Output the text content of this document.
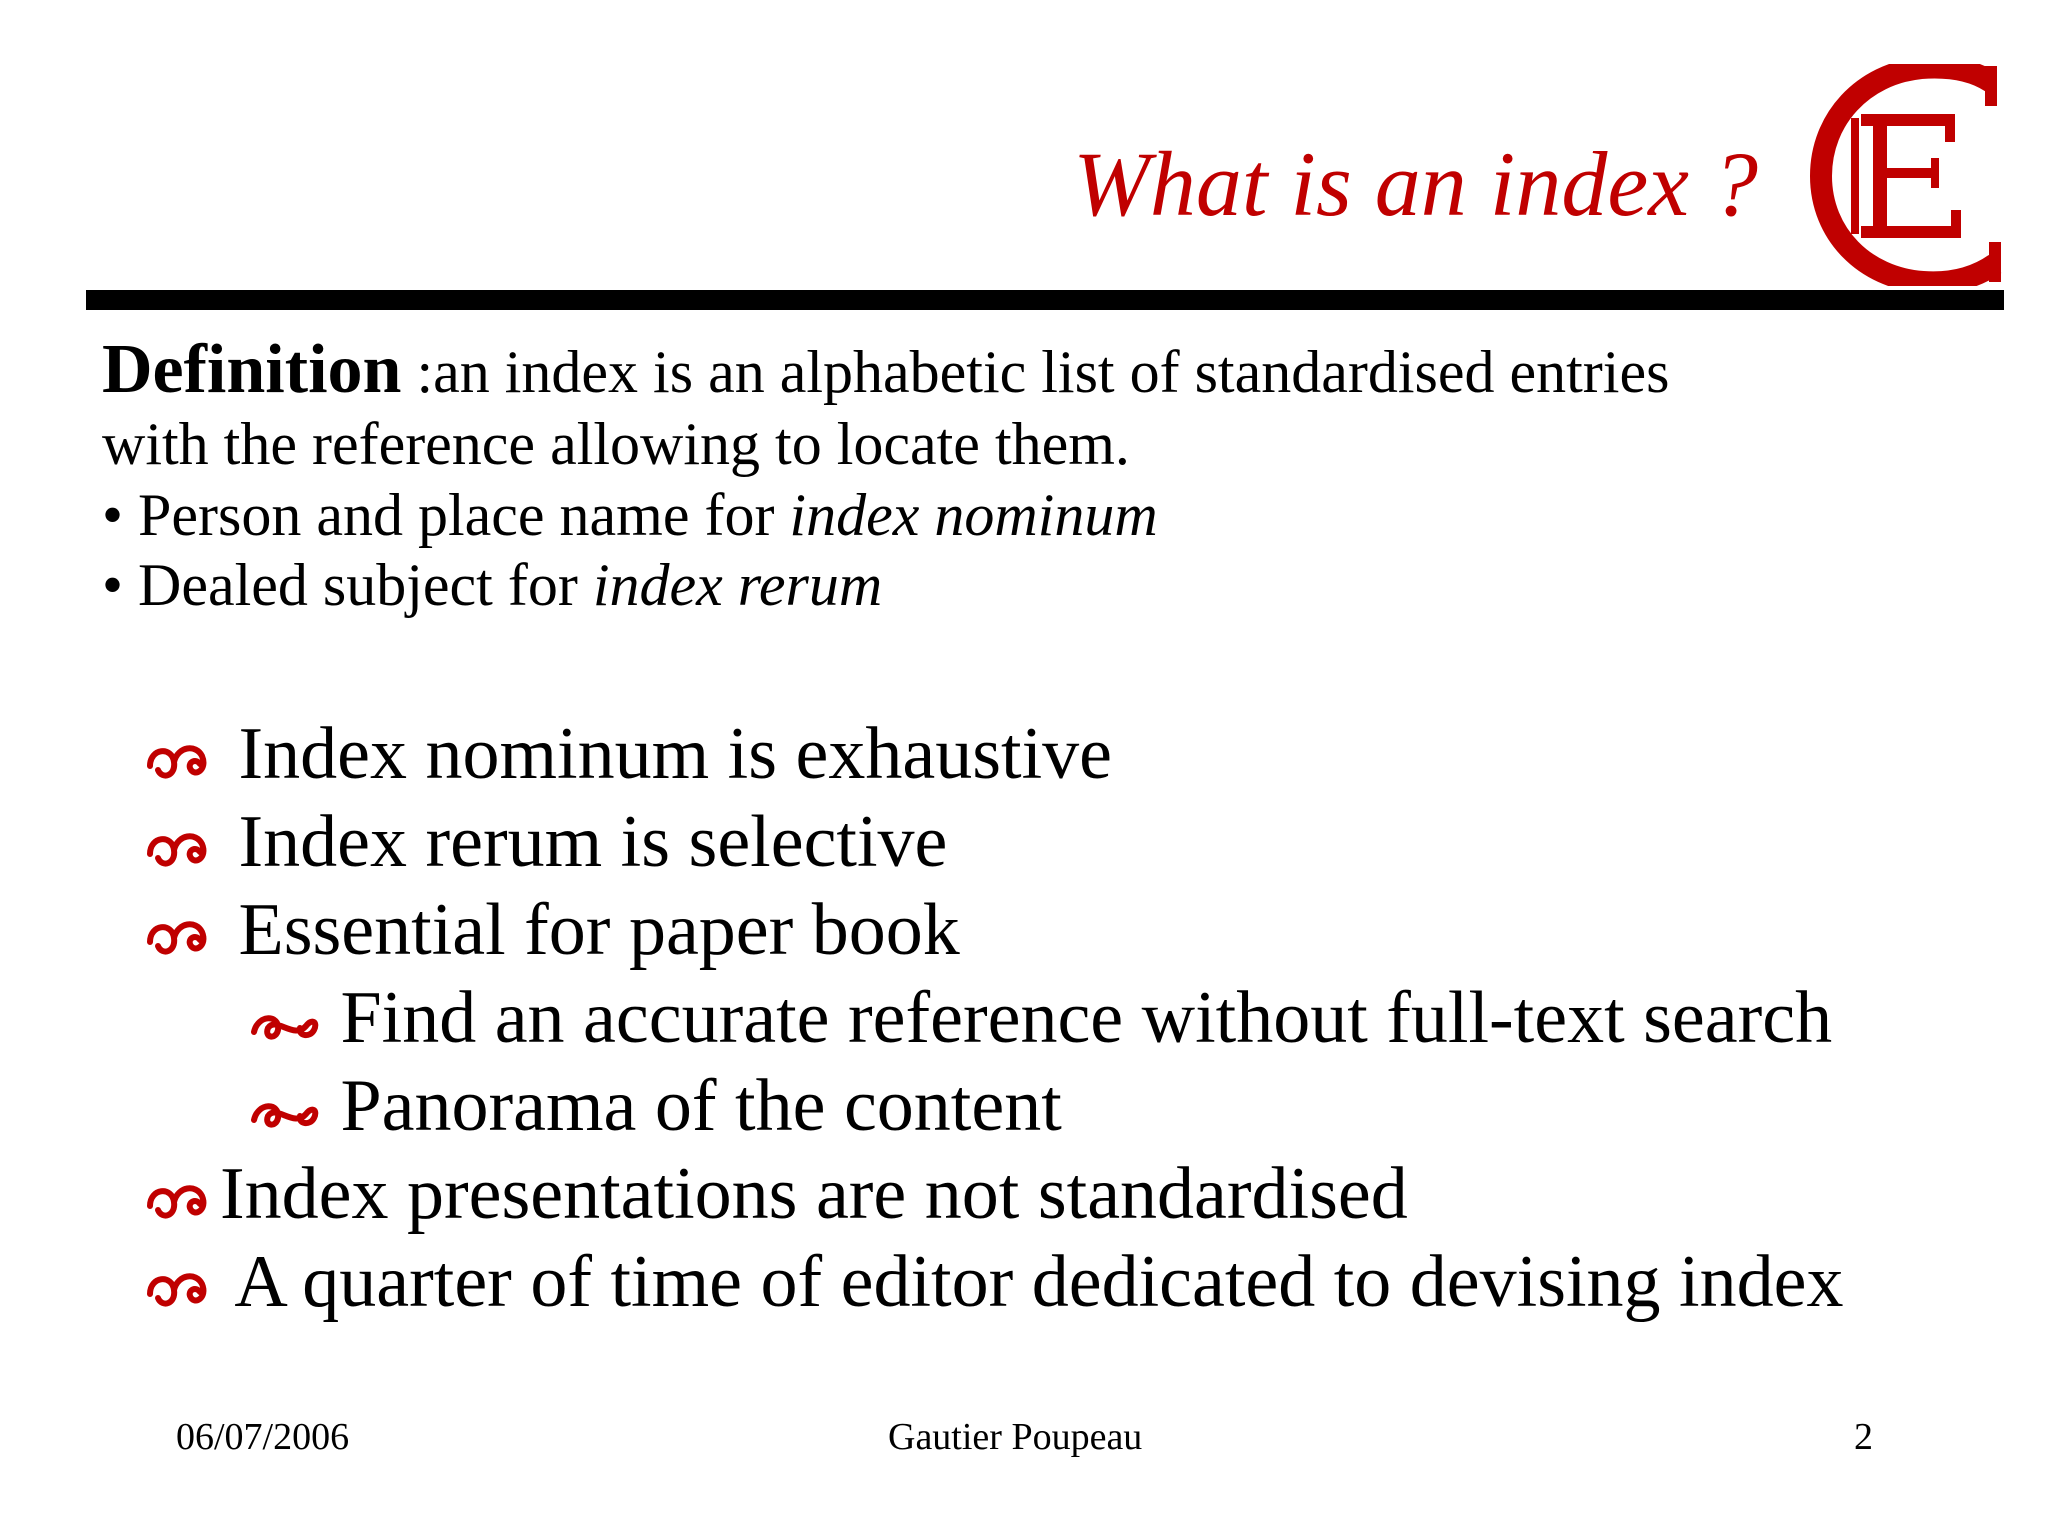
What is an index ?
Definition :an index is an alphabetic list of standardised entries
with the reference allowing to locate them.
• Person and place name for index nominum
• Dealed subject for index rerum
Index nominum is exhaustive
Index rerum is selective
Essential for paper book
Find an accurate reference without full-text search
Panorama of the content
Index presentations are not standardised
A quarter of time of editor dedicated to devising index
06/07/2006	Gautier Poupeau	2
